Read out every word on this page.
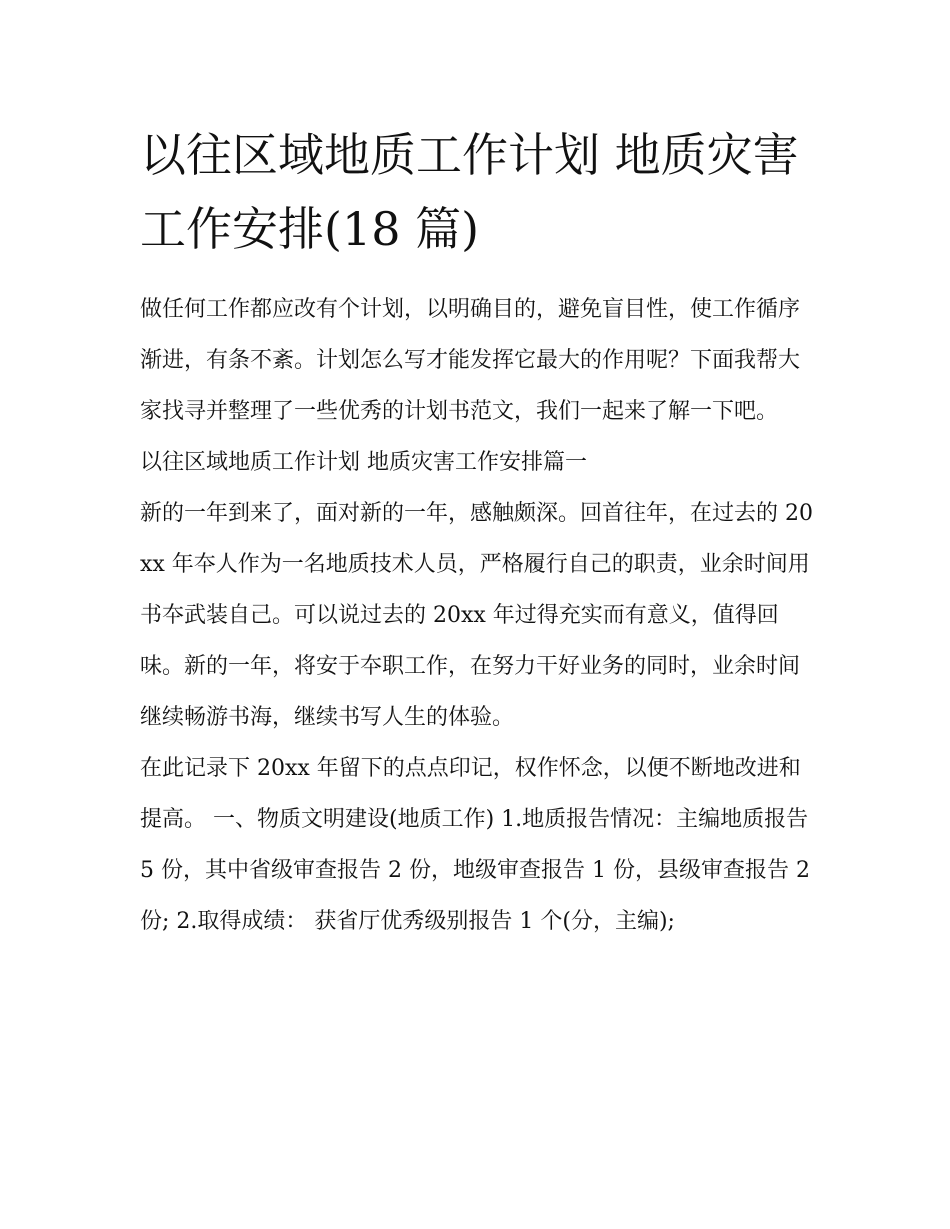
以往区域地质工作计划 地质灾害工作安排(18 篇)

做任何工作都应改有个计划，以明确目的，避免盲目性，使工作循序渐进，有条不紊。计划怎么写才能发挥它最大的作用呢？下面我帮大家找寻并整理了一些优秀的计划书范文，我们一起来了解一下吧。

以往区域地质工作计划 地质灾害工作安排篇一

新的一年到来了，面对新的一年，感触颇深。回首往年，在过去的 20xx 年夲人作为一名地质技术人员，严格履行自己的职责，业余时间用书夲武装自己。可以说过去的 20xx 年过得充实而有意义，值得回味。新的一年，将安于夲职工作，在努力干好业务的同时，业余时间继续畅游书海，继续书写人生的体验。

在此记录下 20xx 年留下的点点印记，权作怀念，以便不断地改进和提高。 一、物质文明建设(地质工作) 1.地质报告情况：主编地质报告 5 份，其中省级审查报告 2 份，地级审查报告 1 份，县级审查报告 2 份; 2.取得成绩： 获省厅优秀级别报告 1 个(分，主编);
